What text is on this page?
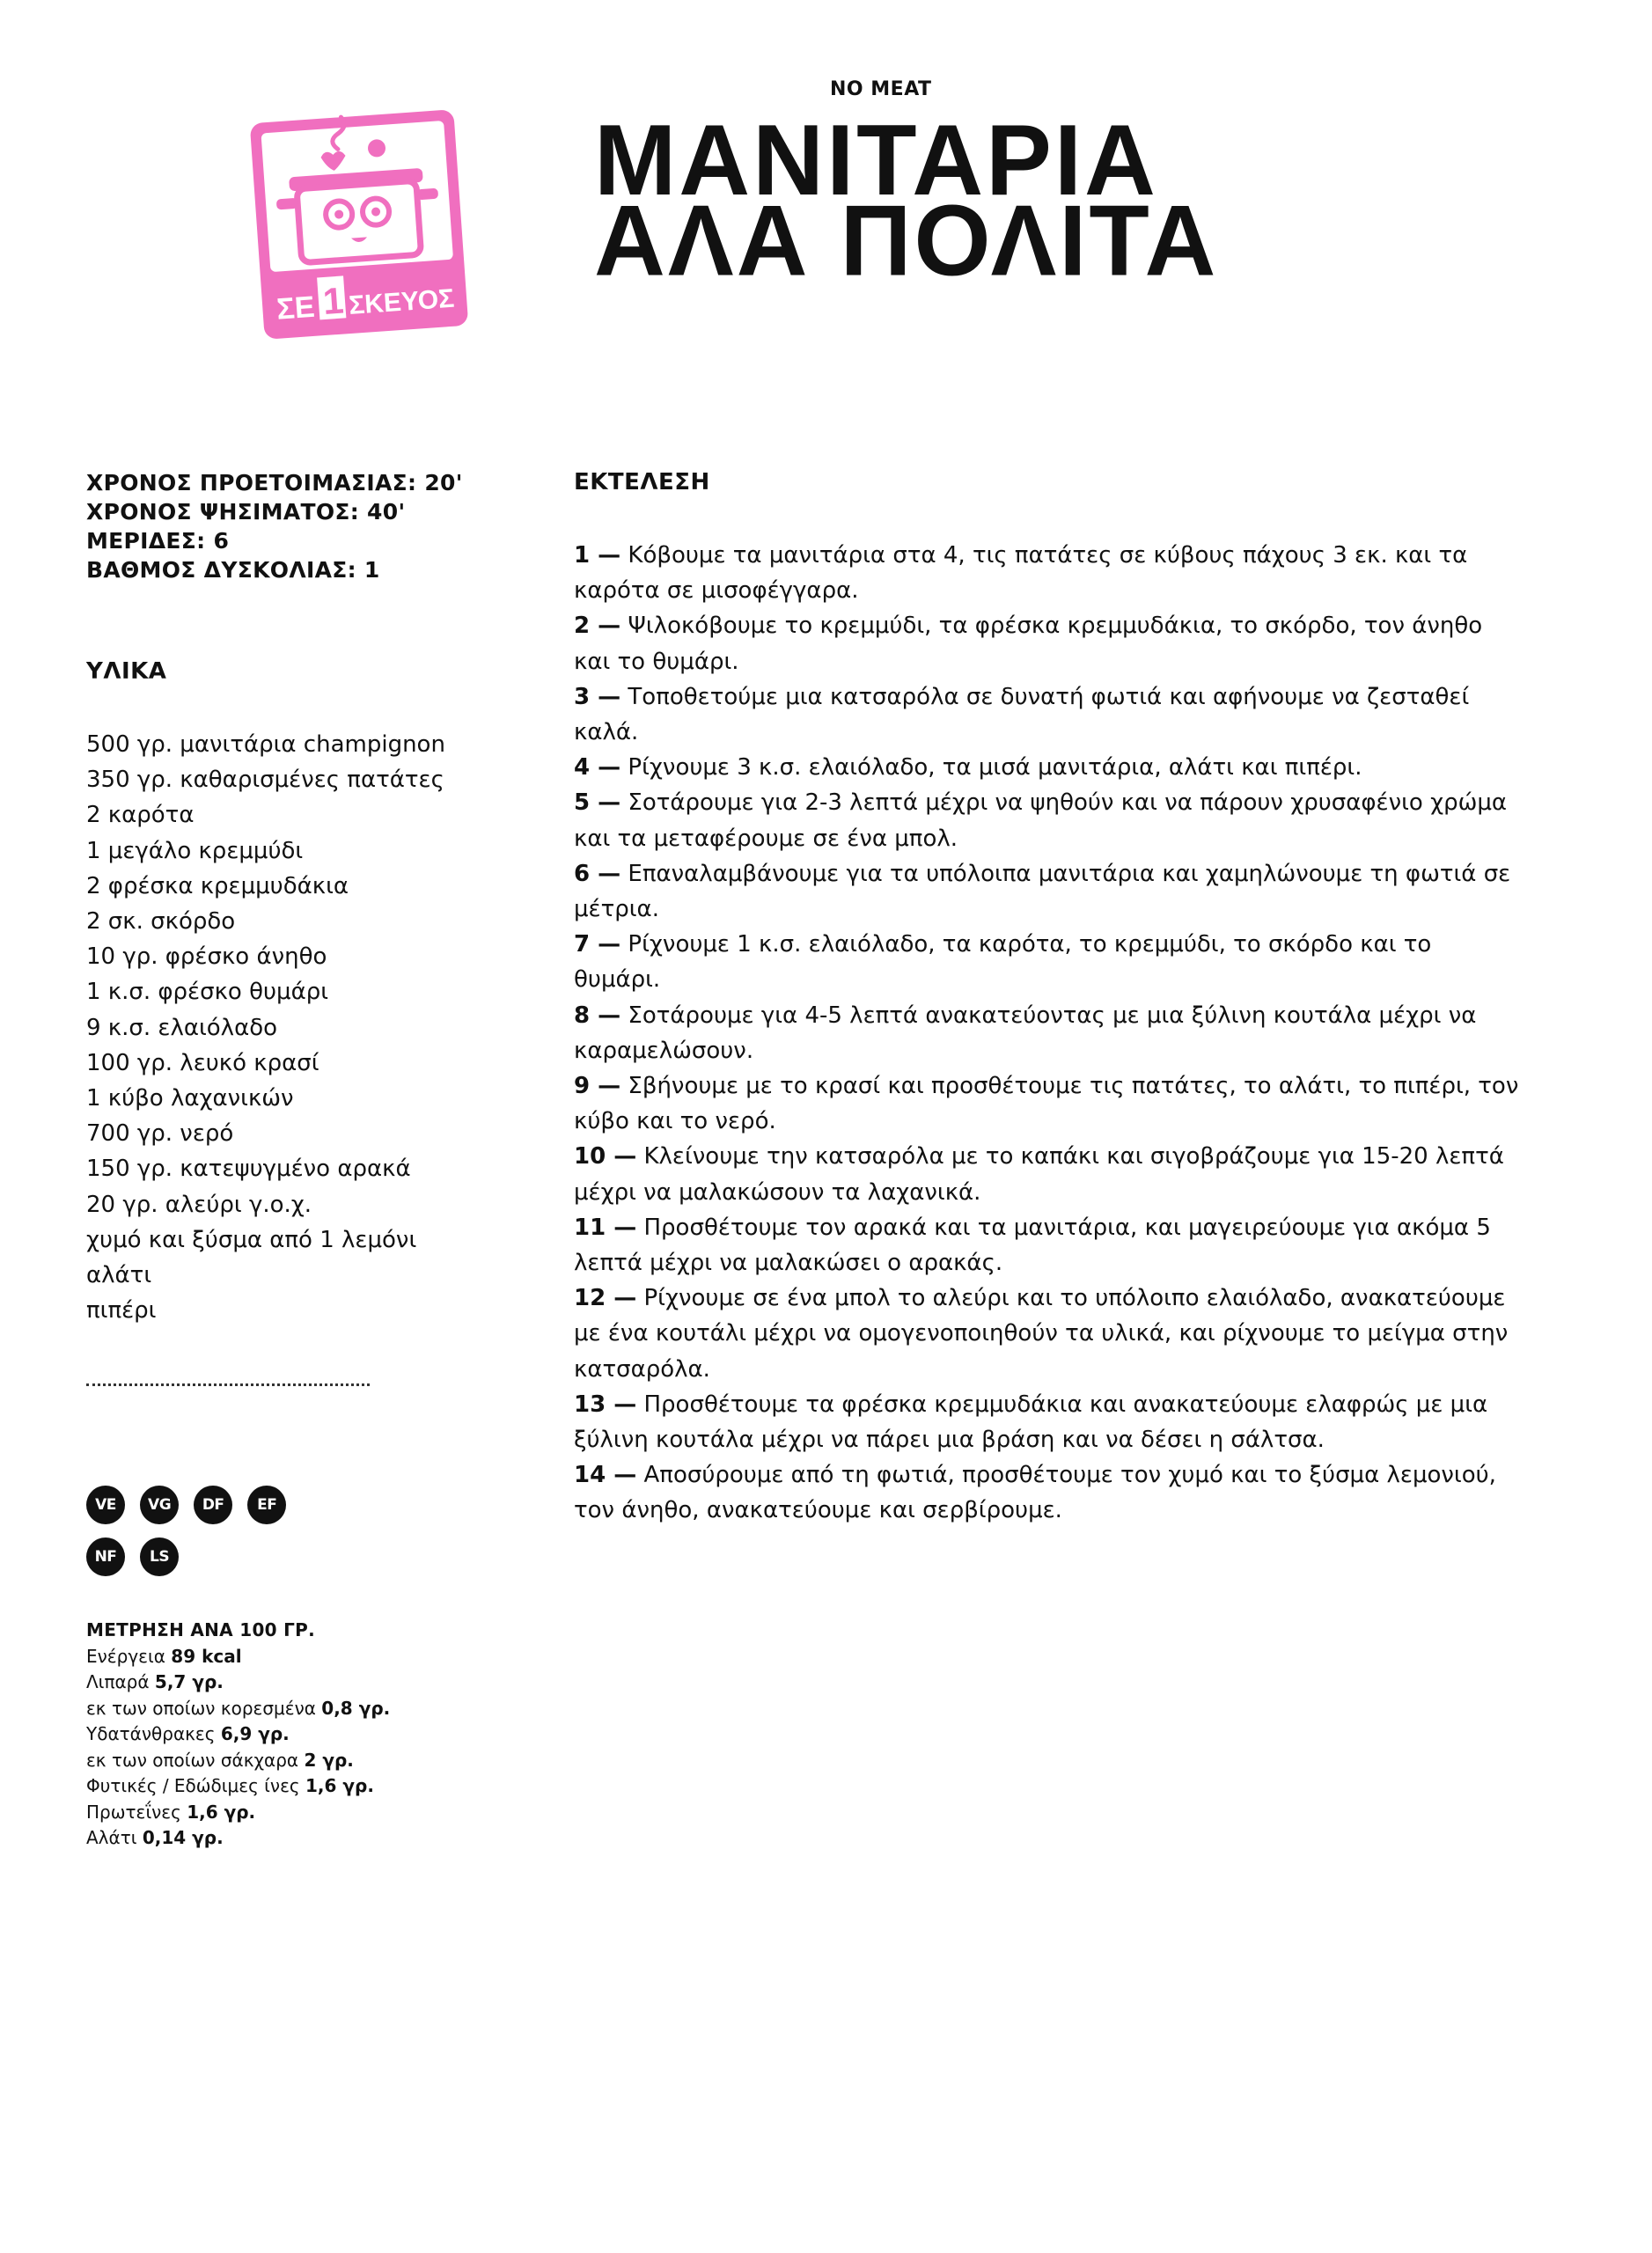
NO MEAT
ΜΑΝΙΤΑΡΙΑ
ΑΛΑ ΠΟΛΙΤΑ
ΣΕ 1 ΣΚΕΥΟΣ
ΧΡΟΝΟΣ ΠΡΟΕΤΟΙΜΑΣΙΑΣ: 20'
ΧΡΟΝΟΣ ΨΗΣΙΜΑΤΟΣ: 40'
ΜΕΡΙΔΕΣ: 6
ΒΑΘΜΟΣ ΔΥΣΚΟΛΙΑΣ: 1
ΥΛΙΚΑ
500 γρ. μανιτάρια champignon
350 γρ. καθαρισμένες πατάτες
2 καρότα
1 μεγάλο κρεμμύδι
2 φρέσκα κρεμμυδάκια
2 σκ. σκόρδο
10 γρ. φρέσκο άνηθο
1 κ.σ. φρέσκο θυμάρι
9 κ.σ. ελαιόλαδο
100 γρ. λευκό κρασί
1 κύβο λαχανικών
700 γρ. νερό
150 γρ. κατεψυγμένο αρακά
20 γρ. αλεύρι γ.ο.χ.
χυμό και ξύσμα από 1 λεμόνι
αλάτι
πιπέρι
VE VG DF EF NF LS
ΜΕΤΡΗΣΗ ΑΝΑ 100 ΓΡ.
Ενέργεια 89 kcal
Λιπαρά 5,7 γρ.
εκ των οποίων κορεσμένα 0,8 γρ.
Υδατάνθρακες 6,9 γρ.
εκ των οποίων σάκχαρα 2 γρ.
Φυτικές / Εδώδιμες ίνες 1,6 γρ.
Πρωτεΐνες 1,6 γρ.
Αλάτι 0,14 γρ.
ΕΚΤΕΛΕΣΗ
1 — Κόβουμε τα μανιτάρια στα 4, τις πατάτες σε κύβους πάχους 3 εκ. και τα καρότα σε μισοφέγγαρα.
2 — Ψιλοκόβουμε το κρεμμύδι, τα φρέσκα κρεμμυδάκια, το σκόρδο, τον άνηθο και το θυμάρι.
3 — Τοποθετούμε μια κατσαρόλα σε δυνατή φωτιά και αφήνουμε να ζεσταθεί καλά.
4 — Ρίχνουμε 3 κ.σ. ελαιόλαδο, τα μισά μανιτάρια, αλάτι και πιπέρι.
5 — Σοτάρουμε για 2-3 λεπτά μέχρι να ψηθούν και να πάρουν χρυσαφένιο χρώμα και τα μεταφέρουμε σε ένα μπολ.
6 — Επαναλαμβάνουμε για τα υπόλοιπα μανιτάρια και χαμηλώνουμε τη φωτιά σε μέτρια.
7 — Ρίχνουμε 1 κ.σ. ελαιόλαδο, τα καρότα, το κρεμμύδι, το σκόρδο και το θυμάρι.
8 — Σοτάρουμε για 4-5 λεπτά ανακατεύοντας με μια ξύλινη κουτάλα μέχρι να καραμελώσουν.
9 — Σβήνουμε με το κρασί και προσθέτουμε τις πατάτες, το αλάτι, το πιπέρι, τον κύβο και το νερό.
10 — Κλείνουμε την κατσαρόλα με το καπάκι και σιγοβράζουμε για 15-20 λεπτά μέχρι να μαλακώσουν τα λαχανικά.
11 — Προσθέτουμε τον αρακά και τα μανιτάρια, και μαγειρεύουμε για ακόμα 5 λεπτά μέχρι να μαλακώσει ο αρακάς.
12 — Ρίχνουμε σε ένα μπολ το αλεύρι και το υπόλοιπο ελαιόλαδο, ανακατεύουμε με ένα κουτάλι μέχρι να ομογενοποιηθούν τα υλικά, και ρίχνουμε το μείγμα στην κατσαρόλα.
13 — Προσθέτουμε τα φρέσκα κρεμμυδάκια και ανακατεύουμε ελαφρώς με μια ξύλινη κουτάλα μέχρι να πάρει μια βράση και να δέσει η σάλτσα.
14 — Αποσύρουμε από τη φωτιά, προσθέτουμε τον χυμό και το ξύσμα λεμονιού, τον άνηθο, ανακατεύουμε και σερβίρουμε.
